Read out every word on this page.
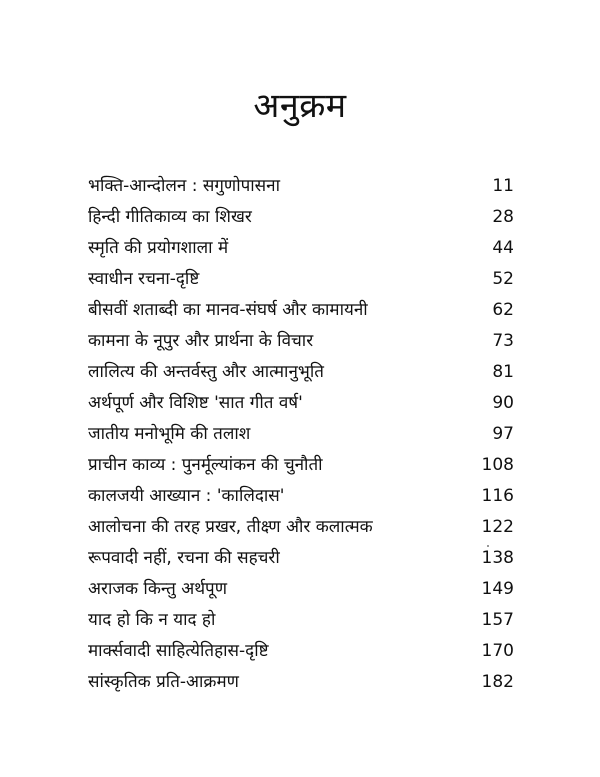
अनुक्रम
भक्ति-आन्दोलन : सगुणोपासना	11
हिन्दी गीतिकाव्य का शिखर	28
स्मृति की प्रयोगशाला में	44
स्वाधीन रचना-दृष्टि	52
बीसवीं शताब्दी का मानव-संघर्ष और कामायनी	62
कामना के नूपुर और प्रार्थना के विचार	73
लालित्य की अन्तर्वस्तु और आत्मानुभूति	81
अर्थपूर्ण और विशिष्ट 'सात गीत वर्ष'	90
जातीय मनोभूमि की तलाश	97
प्राचीन काव्य : पुनर्मूल्यांकन की चुनौती	108
कालजयी आख्यान : 'कालिदास'	116
आलोचना की तरह प्रखर, तीक्ष्ण और कलात्मक	122
रूपवादी नहीं, रचना की सहचरी	138
अराजक किन्तु अर्थपूण	149
याद हो कि न याद हो	157
मार्क्सवादी साहित्येतिहास-दृष्टि	170
सांस्कृतिक प्रति-आक्रमण	182
